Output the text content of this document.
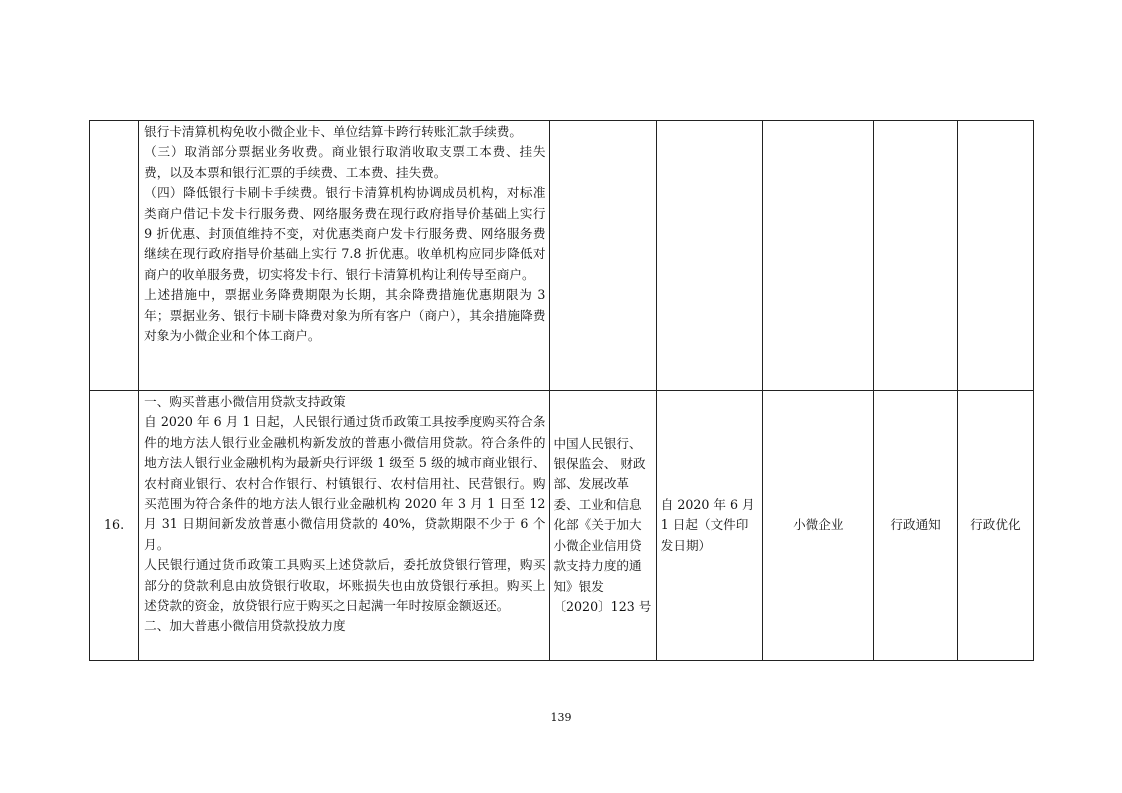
	银行卡清算机构免收小微企业卡、单位结算卡跨行转账汇款手续费。

（三）取消部分票据业务收费。商业银行取消收取支票工本费、挂失费，以及本票和银行汇票的手续费、工本费、挂失费。

（四）降低银行卡刷卡手续费。银行卡清算机构协调成员机构，对标准类商户借记卡发卡行服务费、网络服务费在现行政府指导价基础上实行 9 折优惠、封顶值维持不变，对优惠类商户发卡行服务费、网络服务费继续在现行政府指导价基础上实行 7.8 折优惠。收单机构应同步降低对商户的收单服务费，切实将发卡行、银行卡清算机构让利传导至商户。

上述措施中，票据业务降费期限为长期，其余降费措施优惠期限为 3 年；票据业务、银行卡刷卡降费对象为所有客户（商户），其余措施降费对象为小微企业和个体工商户。					

16.	一、购买普惠小微信用贷款支持政策

自 2020 年 6 月 1 日起，人民银行通过货币政策工具按季度购买符合条件的地方法人银行业金融机构新发放的普惠小微信用贷款。符合条件的地方法人银行业金融机构为最新央行评级 1 级至 5 级的城市商业银行、农村商业银行、农村合作银行、村镇银行、农村信用社、民营银行。购买范围为符合条件的地方法人银行业金融机构 2020 年 3 月 1 日至 12 月 31 日期间新发放普惠小微信用贷款的 40%，贷款期限不少于 6 个月。

人民银行通过货币政策工具购买上述贷款后，委托放贷银行管理，购买部分的贷款利息由放贷银行收取，坏账损失也由放贷银行承担。购买上述贷款的资金，放贷银行应于购买之日起满一年时按原金额返还。

二、加大普惠小微信用贷款投放力度	中国人民银行、银保监会、 财政部、发展改革委、工业和信息化部《关于加大小微企业信用贷款支持力度的通知》银发〔2020〕123 号	自 2020 年 6 月 1 日起（文件印发日期）	小微企业	行政通知	行政优化
139
